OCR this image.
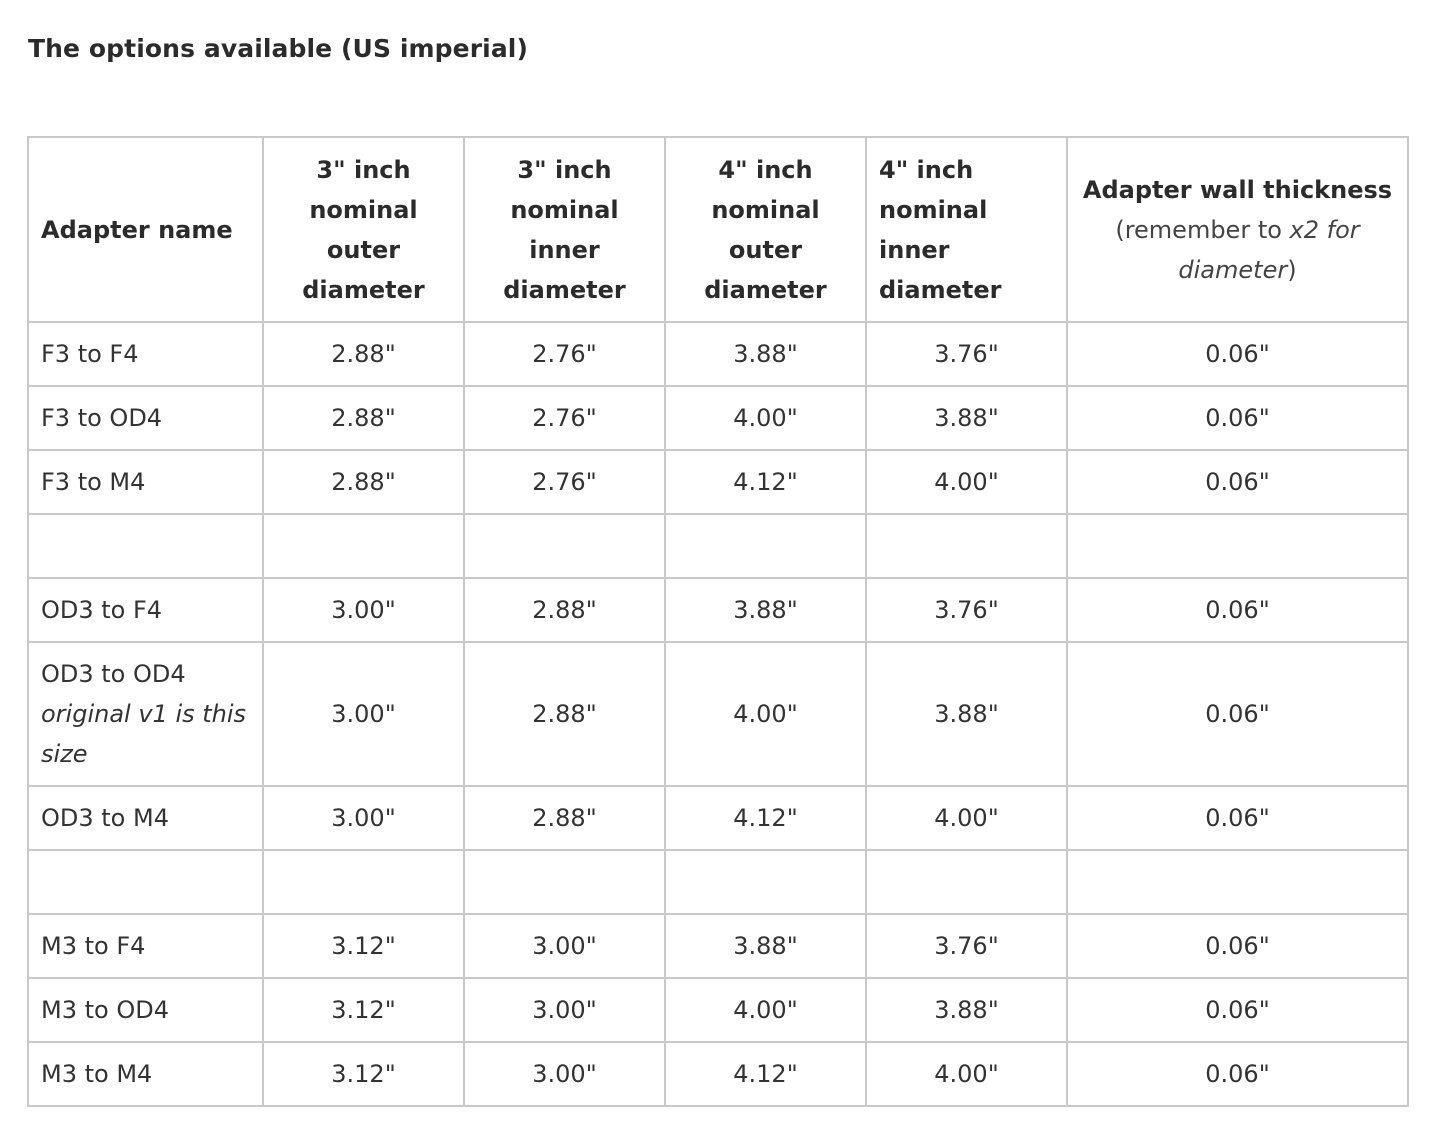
The options available (US imperial)
Adapter name	3" inch
nominal
outer
diameter	3" inch
nominal
inner
diameter	4" inch
nominal
outer
diameter	4" inch
nominal
inner
diameter	Adapter wall thickness
(remember to x2 for
diameter)
F3 to F4	2.88"	2.76"	3.88"	3.76"	0.06"
F3 to OD4	2.88"	2.76"	4.00"	3.88"	0.06"
F3 to M4	2.88"	2.76"	4.12"	4.00"	0.06"

OD3 to F4	3.00"	2.88"	3.88"	3.76"	0.06"
OD3 to OD4
original v1 is this size	3.00"	2.88"	4.00"	3.88"	0.06"
OD3 to M4	3.00"	2.88"	4.12"	4.00"	0.06"

M3 to F4	3.12"	3.00"	3.88"	3.76"	0.06"
M3 to OD4	3.12"	3.00"	4.00"	3.88"	0.06"
M3 to M4	3.12"	3.00"	4.12"	4.00"	0.06"
